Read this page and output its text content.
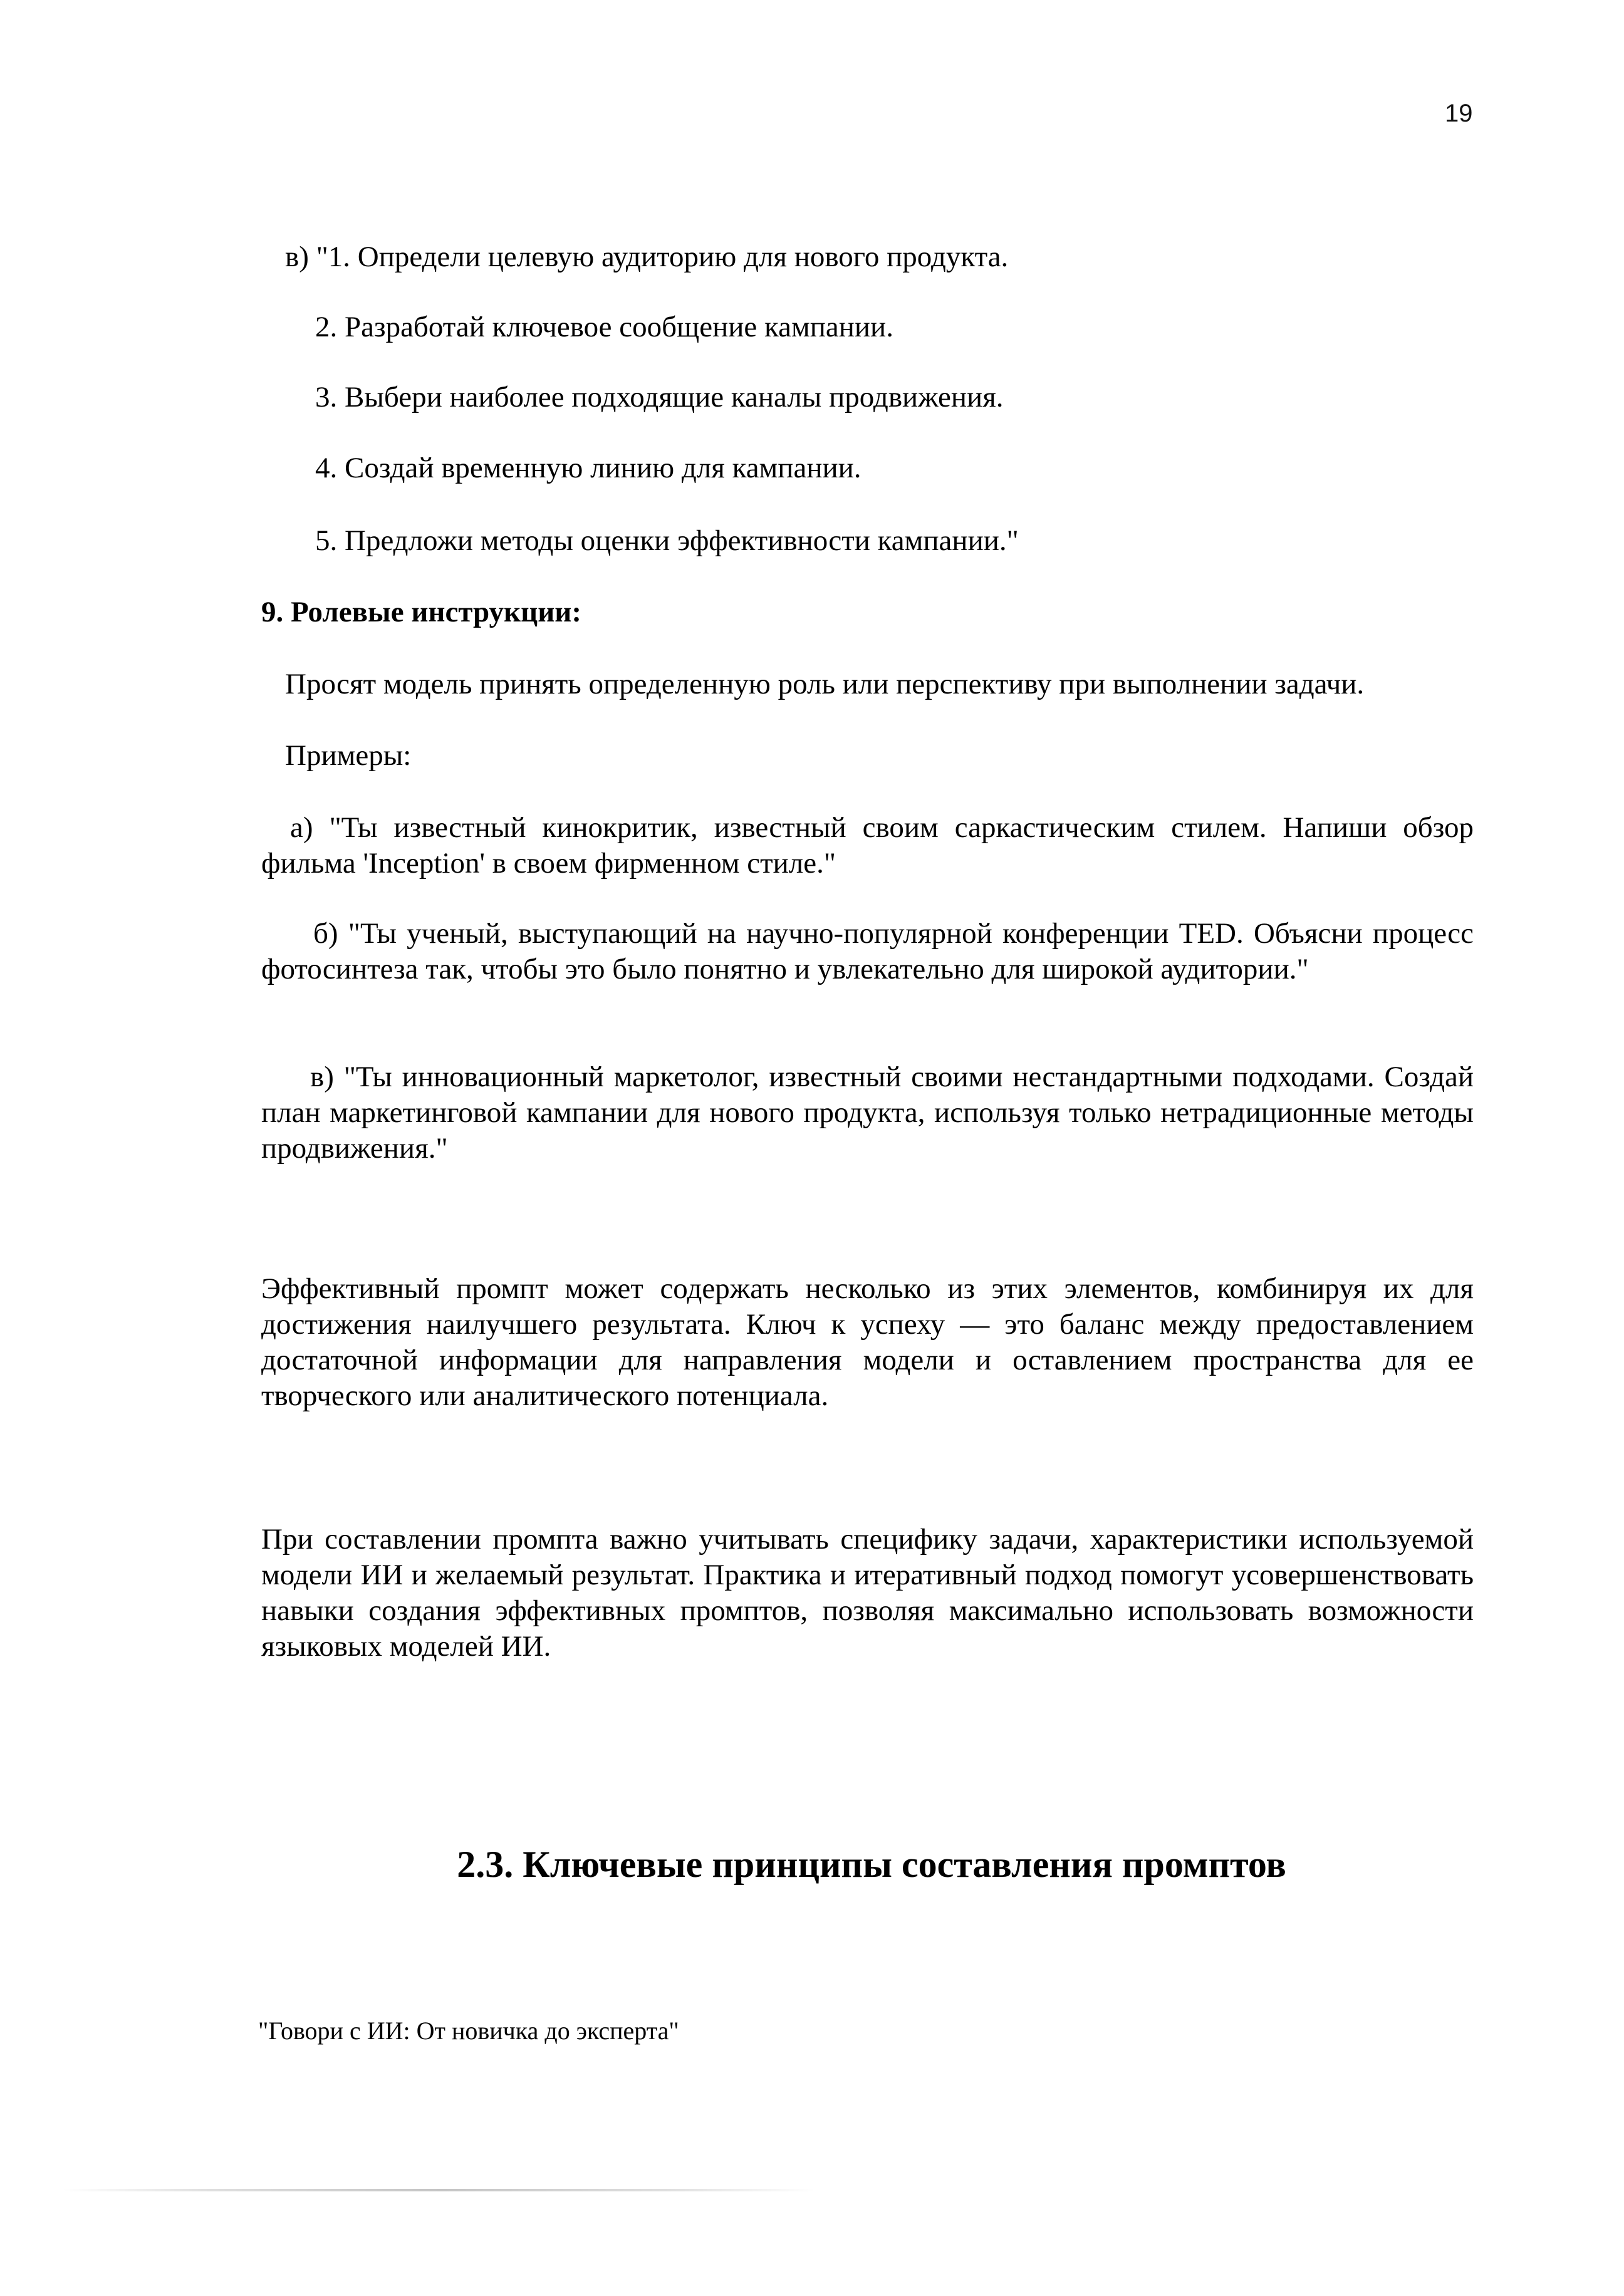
19
в) "1. Определи целевую аудиторию для нового продукта.
2. Разработай ключевое сообщение кампании.
3. Выбери наиболее подходящие каналы продвижения.
4. Создай временную линию для кампании.
5. Предложи методы оценки эффективности кампании."
9. Ролевые инструкции:
Просят модель принять определенную роль или перспективу при выполнении задачи.
Примеры:
а) "Ты известный кинокритик, известный своим саркастическим стилем. Напиши обзор фильма 'Inception' в своем фирменном стиле."
б) "Ты ученый, выступающий на научно-популярной конференции TED. Объясни процесс фотосинтеза так, чтобы это было понятно и увлекательно для широкой аудитории."
в) "Ты инновационный маркетолог, известный своими нестандартными подходами. Создай план маркетинговой кампании для нового продукта, используя только нетрадиционные методы продвижения."
Эффективный промпт может содержать несколько из этих элементов, комбинируя их для достижения наилучшего результата. Ключ к успеху — это баланс между предоставлением достаточной информации для направления модели и оставлением пространства для ее творческого или аналитического потенциала.
При составлении промпта важно учитывать специфику задачи, характеристики используемой модели ИИ и желаемый результат. Практика и итеративный подход помогут усовершенствовать навыки создания эффективных промптов, позволяя максимально использовать возможности языковых моделей ИИ.
2.3. Ключевые принципы составления промптов
"Говори с ИИ: От новичка до эксперта"
